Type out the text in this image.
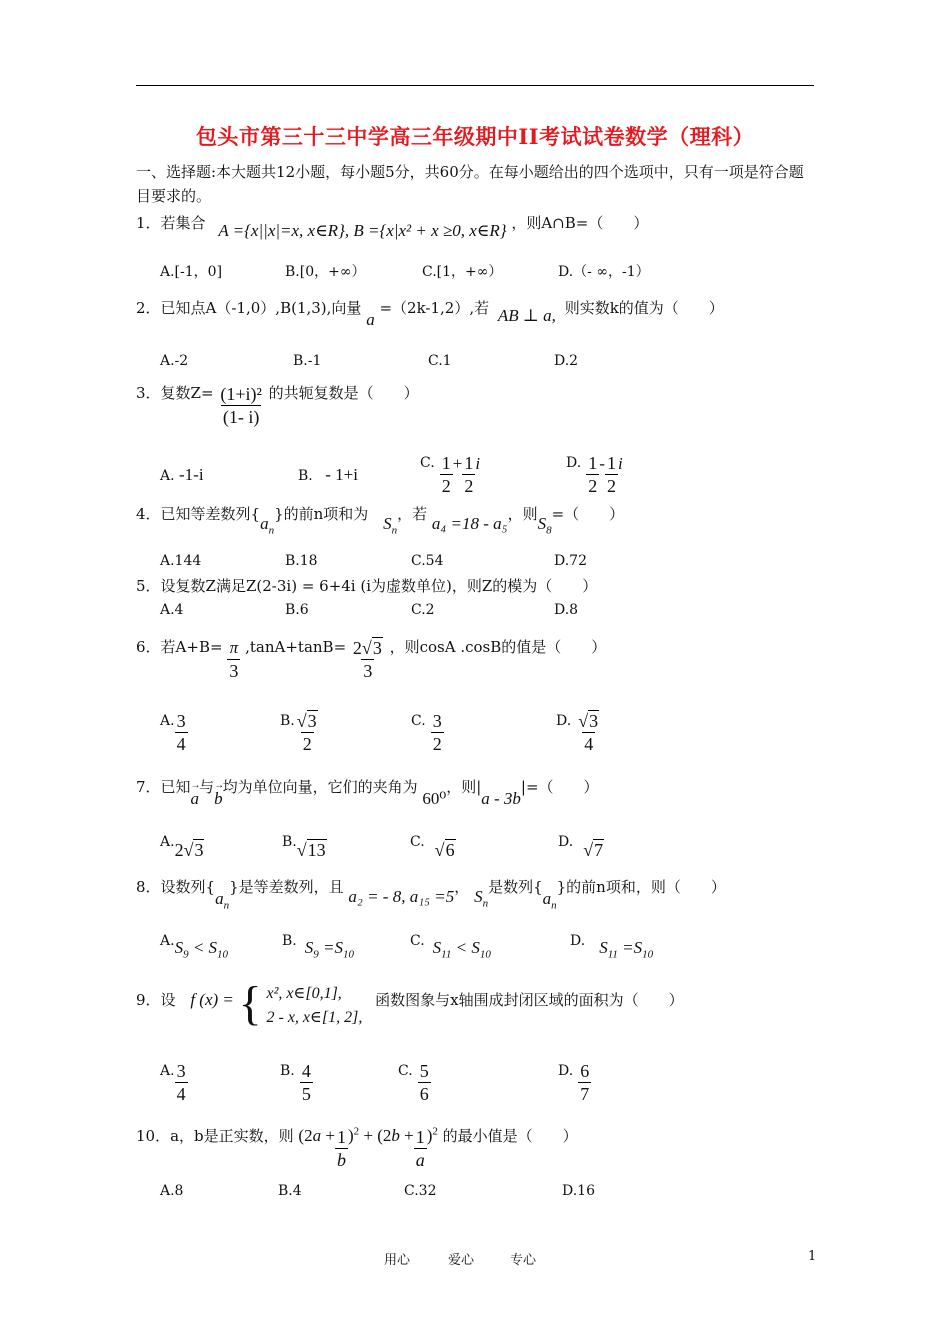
包头市第三十三中学高三年级期中II考试试卷数学（理科）
一、选择题:本大题共12小题，每小题5分，共60分。在每小题给出的四个选项中，只有一项是符合题目要求的。
1．若集合 A ={x||x|=x, x∈R}, B ={x|x² + x ≥0, x∈R} ，则A∩B=（　　）
A.[-1，0]	B.[0，+∞）	C.[1，+∞）	D.（- ∞，-1）
2．已知点A（-1,0）,B(1,3),向量 a =（2k-1,2）,若 AB ⊥ a, 则实数k的值为（　　）
A.-2	B.-1	C.1	D.2
3．复数$Z= \frac{\text{(1+i)²}}{(1- i)}$ 的共轭复数是（　　）
A. -1-i	B. - 1+i
C. $\frac{1}{2} + \frac{1}{2}$ i	D. $\frac{1}{2} - \frac{1}{2}$ i
4．已知等差数列$\{a_n\}$的前n项和为 $S_n$，若 a₄ =18 - a₅，则$S_8=$（　　）
A.144	B.18	C.54	D.72
5．设复数Z满足Z(2-3i) = 6+4i (i为虚数单位)，则Z的模为（　　）
A.4	B.6	C.2	D.8
6．若$A+B= \frac{\pi}{3} ,\tan A+\tan B= \frac{2√3}{3}$ ，则cosA .cosB的值是（　　）
A. $\frac{3}{4}$	B. $\frac{√3}{2}$	C. $\frac{3}{2}$	D. $\frac{√3}{4}$
7．已知→ a与→ b均为单位向量，它们的夹角为 60⁰，则|a - 3b|=（　　）
A.2√3	B.√13	C. √6	D. √7
8．设数列$\{a_n\}$是等差数列，且 a₂ = - 8, a₁₅ =5， $S_n$是数列$\{a_n\}$的前n项和，则（　　）
$A.S_9 < S_{10}$
B. $S_9 =S_{10}$
C. $S_{11} < S_{10}$
D. $S_{11} =S_{10}$
9．设 f (x) = { x², x∈[0,1],
2 - x, x∈[1, 2],
函数图象与x轴围成封闭区域的面积为（　　）
A. $\frac{3}{4}$	B. $\frac{4}{5}$	C. $\frac{5}{6}$	D. $\frac{6}{7}$
10．a，b是正实数，则 $(2a + \frac{1}{b} )^2 + (2b + \frac{1}{a} )^2$ 的最小值是（　　）
A.8	B.4	C.32	D.16
用心	爱心	专心	1
